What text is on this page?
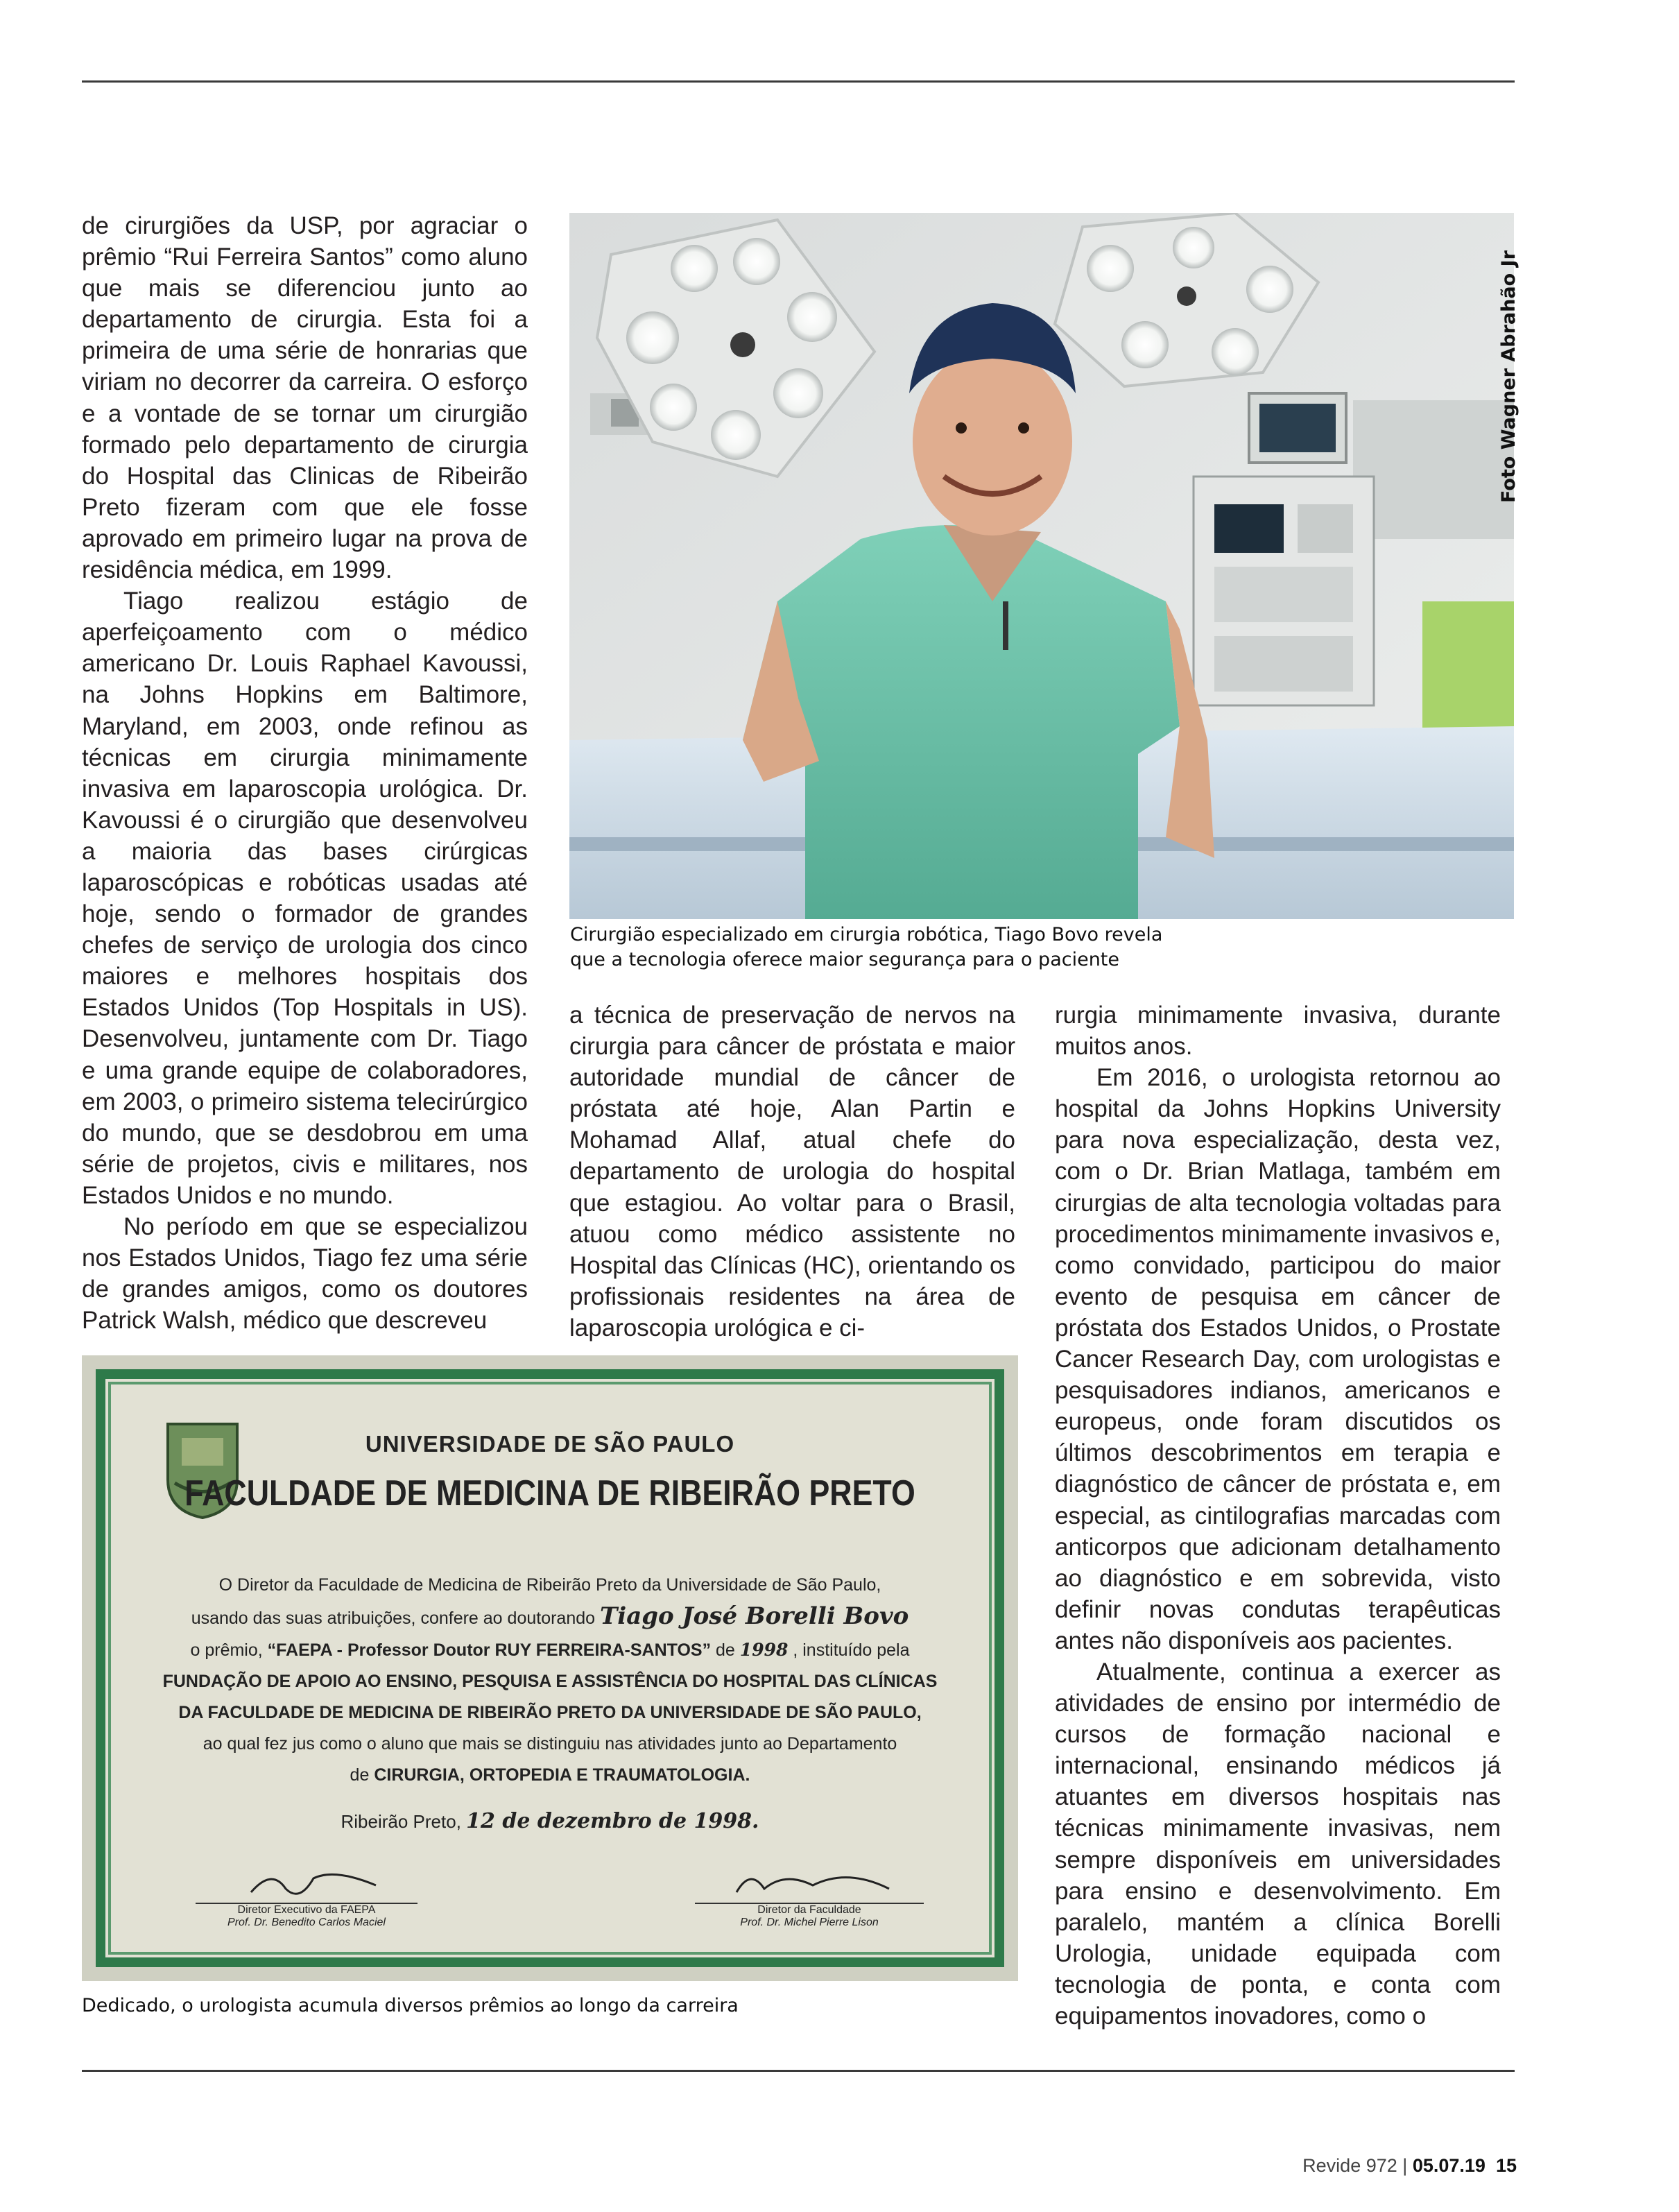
de cirurgiões da USP, por agraciar o prêmio “Rui Ferreira Santos” como aluno que mais se diferenciou junto ao departamento de cirurgia. Esta foi a primeira de uma série de honrarias que viriam no decorrer da carreira. O esforço e a vontade de se tornar um cirurgião formado pelo departamento de cirurgia do Hospital das Clinicas de Ribeirão Preto fizeram com que ele fosse aprovado em primeiro lugar na prova de residência médica, em 1999.

Tiago realizou estágio de aperfeiçoamento com o médico americano Dr. Louis Raphael Kavoussi, na Johns Hopkins em Baltimore, Maryland, em 2003, onde refinou as técnicas em cirurgia minimamente invasiva em laparoscopia urológica. Dr. Kavoussi é o cirurgião que desenvolveu a maioria das bases cirúrgicas laparoscópicas e robóticas usadas até hoje, sendo o formador de grandes chefes de serviço de urologia dos cinco maiores e melhores hospitais dos Estados Unidos (Top Hospitals in US). Desenvolveu, juntamente com Dr. Tiago e uma grande equipe de colaboradores, em 2003, o primeiro sistema telecirúrgico do mundo, que se desdobrou em uma série de projetos, civis e militares, nos Estados Unidos e no mundo.

No período em que se especializou nos Estados Unidos, Tiago fez uma série de grandes amigos, como os doutores Patrick Walsh, médico que descreveu

Foto Wagner Abrahão Jr
Cirurgião especializado em cirurgia robótica, Tiago Bovo revela
que a tecnologia oferece maior segurança para o paciente

a técnica de preservação de nervos na cirurgia para câncer de próstata e maior autoridade mundial de câncer de próstata até hoje, Alan Partin e Mohamad Allaf, atual chefe do departamento de urologia do hospital que estagiou. Ao voltar para o Brasil, atuou como médico assistente no Hospital das Clínicas (HC), orientando os profissionais residentes na área de laparoscopia urológica e ci-

rurgia minimamente invasiva, durante muitos anos.

Em 2016, o urologista retornou ao hospital da Johns Hopkins University para nova especialização, desta vez, com o Dr. Brian Matlaga, também em cirurgias de alta tecnologia voltadas para procedimentos minimamente invasivos e, como convidado, participou do maior evento de pesquisa em câncer de próstata dos Estados Unidos, o Prostate Cancer Research Day, com urologistas e pesquisadores indianos, americanos e europeus, onde foram discutidos os últimos descobrimentos em terapia e diagnóstico de câncer de próstata e, em especial, as cintilografias marcadas com anticorpos que adicionam detalhamento ao diagnóstico e em sobrevida, visto definir novas condutas terapêuticas antes não disponíveis aos pacientes.

Atualmente, continua a exercer as atividades de ensino por intermédio de cursos de formação nacional e internacional, ensinando médicos já atuantes em diversos hospitais nas técnicas minimamente invasivas, nem sempre disponíveis em universidades para ensino e desenvolvimento. Em paralelo, mantém a clínica Borelli Urologia, unidade equipada com tecnologia de ponta, e conta com equipamentos inovadores, como o

UNIVERSIDADE DE SÃO PAULO
FACULDADE DE MEDICINA DE RIBEIRÃO PRETO
O Diretor da Faculdade de Medicina de Ribeirão Preto da Universidade de São Paulo,
usando das suas atribuições, confere ao doutorando Tiago José Borelli Bovo
o prêmio, “FAEPA - Professor Doutor RUY FERREIRA-SANTOS” de 1998 , instituído pela
FUNDAÇÃO DE APOIO AO ENSINO, PESQUISA E ASSISTÊNCIA DO HOSPITAL DAS CLÍNICAS
DA FACULDADE DE MEDICINA DE RIBEIRÃO PRETO DA UNIVERSIDADE DE SÃO PAULO,
ao qual fez jus como o aluno que mais se distinguiu nas atividades junto ao Departamento
de CIRURGIA, ORTOPEDIA E TRAUMATOLOGIA.
Ribeirão Preto, 12 de dezembro de 1998.
Diretor Executivo da FAEPA
Prof. Dr. Benedito Carlos Maciel
Diretor da Faculdade
Prof. Dr. Michel Pierre Lison
Dedicado, o urologista acumula diversos prêmios ao longo da carreira
Revide 972 | 05.07.19 15
